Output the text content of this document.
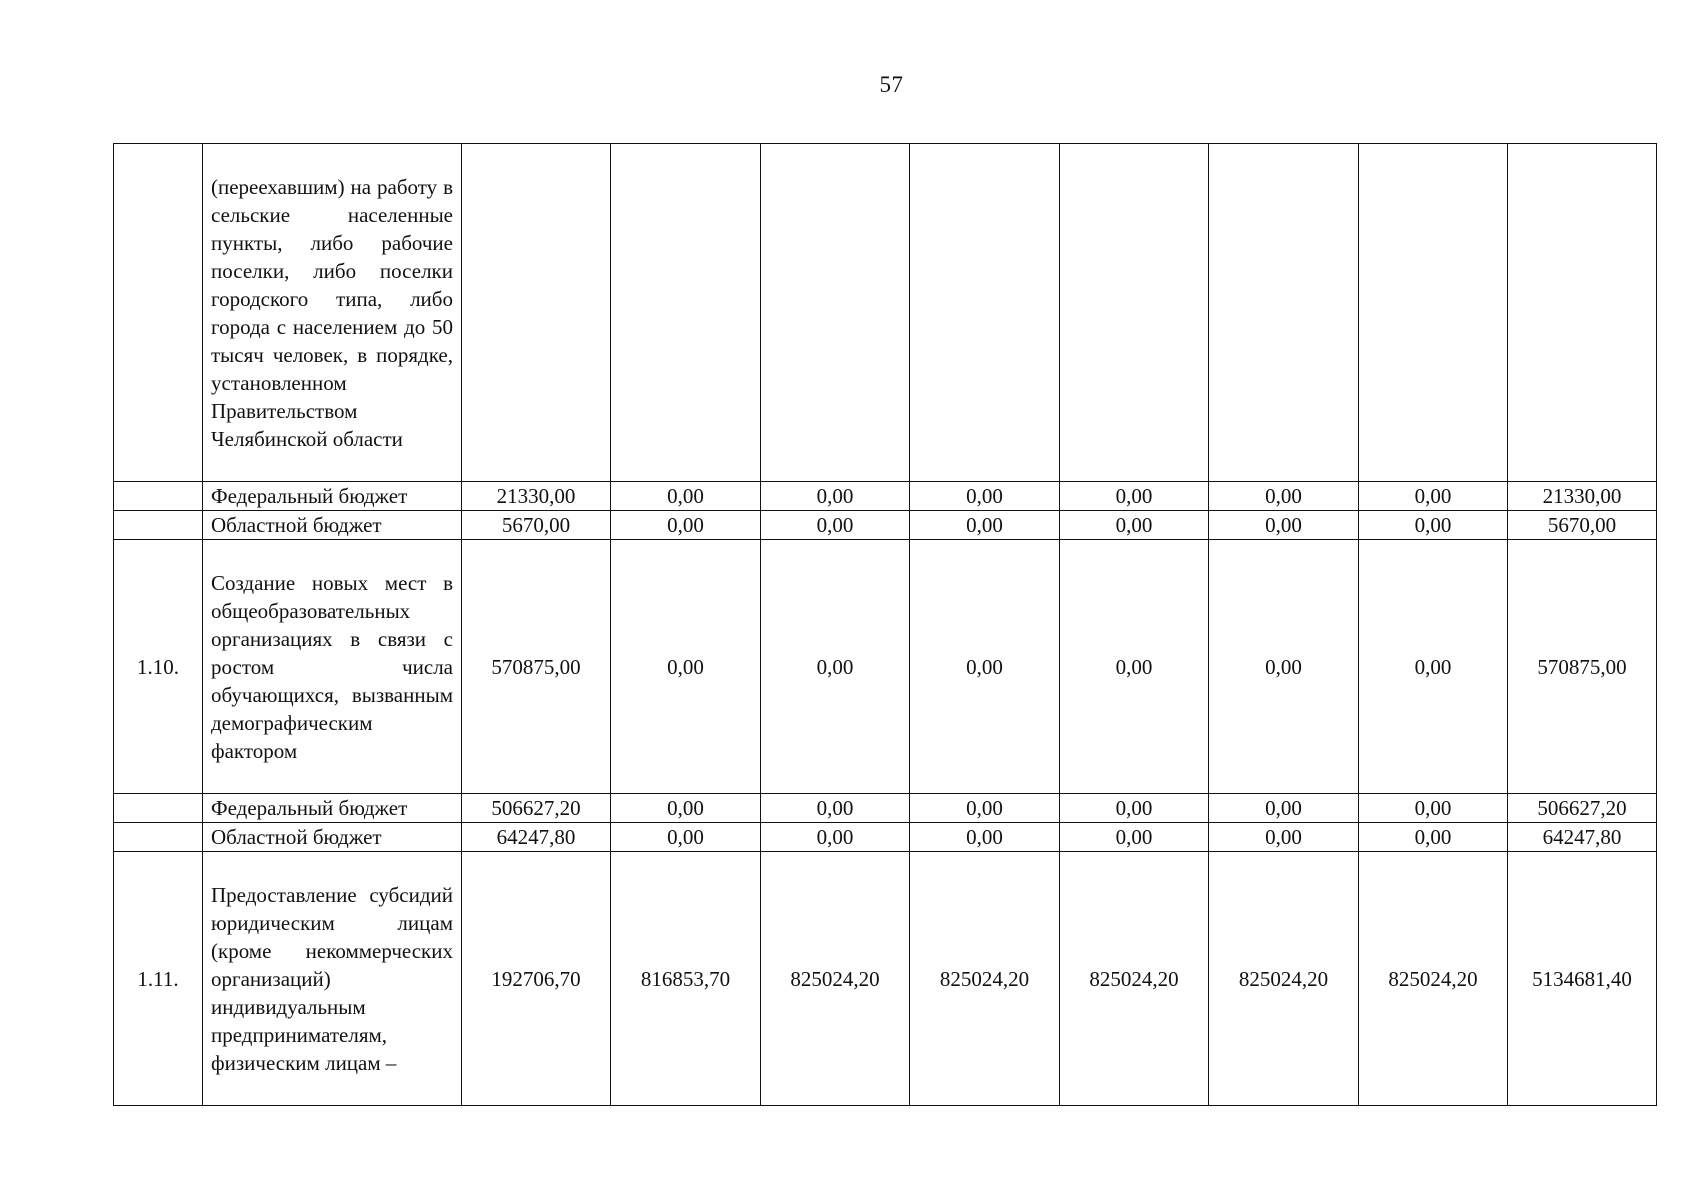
57
	(переехавшим) на работу в сельские населенные пункты, либо рабочие поселки, либо поселки городского типа, либо города с населением до 50 тысяч человек, в порядке, установленном Правительством Челябинской области								
	Федеральный бюджет	21330,00	0,00	0,00	0,00	0,00	0,00	0,00	21330,00
	Областной бюджет	5670,00	0,00	0,00	0,00	0,00	0,00	0,00	5670,00
1.10.	Создание новых мест в общеобразовательных организациях в связи с ростом числа обучающихся, вызванным демографическим фактором	570875,00	0,00	0,00	0,00	0,00	0,00	0,00	570875,00
	Федеральный бюджет	506627,20	0,00	0,00	0,00	0,00	0,00	0,00	506627,20
	Областной бюджет	64247,80	0,00	0,00	0,00	0,00	0,00	0,00	64247,80
1.11.	Предоставление субсидий юридическим лицам (кроме некоммерческих организаций) индивидуальным предпринимателям, физическим лицам –	192706,70	816853,70	825024,20	825024,20	825024,20	825024,20	825024,20	5134681,40
